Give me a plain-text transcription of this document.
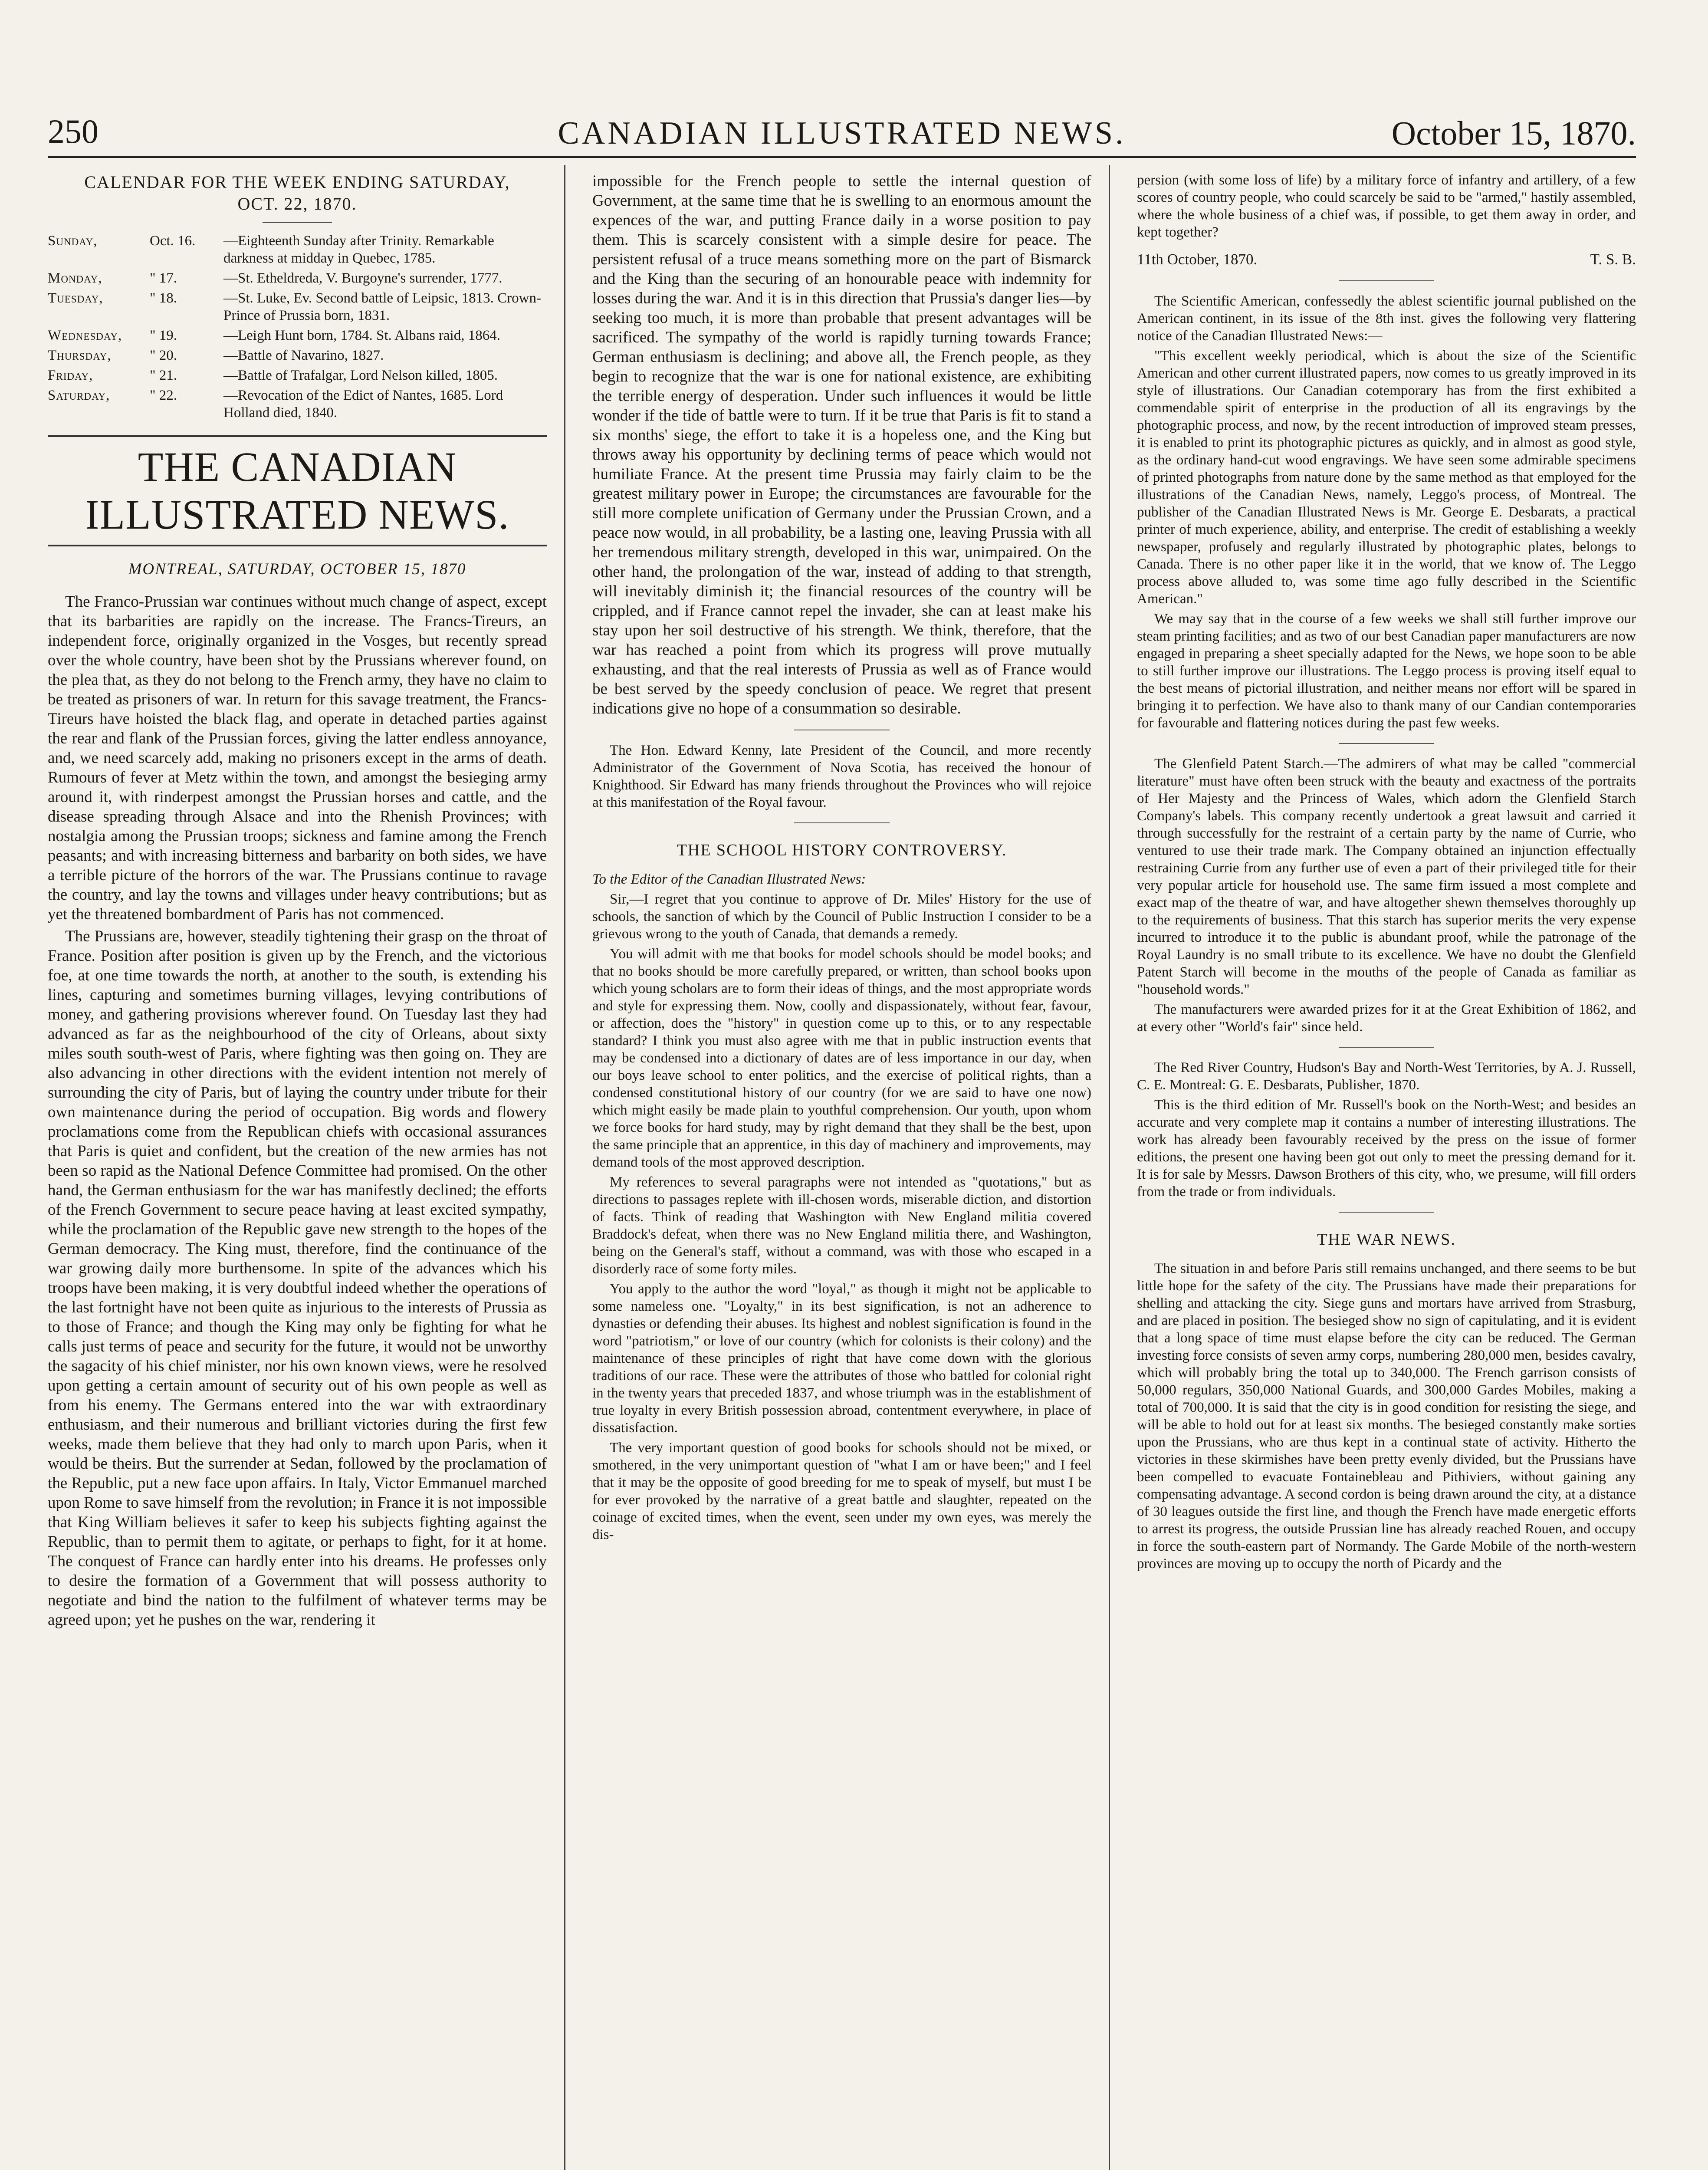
250	CANADIAN ILLUSTRATED NEWS.	October 15, 1870.
CALENDAR FOR THE WEEK ENDING SATURDAY,
OCT. 22, 1870.
Sunday,	Oct. 16.	—Eighteenth Sunday after Trinity. Remarkable darkness at midday in Quebec, 1785.
Monday,	" 17.	—St. Etheldreda, V. Burgoyne's surrender, 1777.
Tuesday,	" 18.	—St. Luke, Ev. Second battle of Leipsic, 1813. Crown-Prince of Prussia born, 1831.
Wednesday,	" 19.	—Leigh Hunt born, 1784. St. Albans raid, 1864.
Thursday,	" 20.	—Battle of Navarino, 1827.
Friday,	" 21.	—Battle of Trafalgar, Lord Nelson killed, 1805.
Saturday,	" 22.	—Revocation of the Edict of Nantes, 1685. Lord Holland died, 1840.
THE CANADIAN ILLUSTRATED NEWS.
MONTREAL, SATURDAY, OCTOBER 15, 1870

The Franco-Prussian war continues without much change of aspect, except that its barbarities are rapidly on the increase. The Francs-Tireurs, an independent force, originally organized in the Vosges, but recently spread over the whole country, have been shot by the Prussians wherever found, on the plea that, as they do not belong to the French army, they have no claim to be treated as prisoners of war. In return for this savage treatment, the Francs-Tireurs have hoisted the black flag, and operate in detached parties against the rear and flank of the Prussian forces, giving the latter endless annoyance, and, we need scarcely add, making no prisoners except in the arms of death. Rumours of fever at Metz within the town, and amongst the besieging army around it, with rinderpest amongst the Prussian horses and cattle, and the disease spreading through Alsace and into the Rhenish Provinces; with nostalgia among the Prussian troops; sickness and famine among the French peasants; and with increasing bitterness and barbarity on both sides, we have a terrible picture of the horrors of the war. The Prussians continue to ravage the country, and lay the towns and villages under heavy contributions; but as yet the threatened bombardment of Paris has not commenced.

The Prussians are, however, steadily tightening their grasp on the throat of France. Position after position is given up by the French, and the victorious foe, at one time towards the north, at another to the south, is extending his lines, capturing and sometimes burning villages, levying contributions of money, and gathering provisions wherever found. On Tuesday last they had advanced as far as the neighbourhood of the city of Orleans, about sixty miles south south-west of Paris, where fighting was then going on. They are also advancing in other directions with the evident intention not merely of surrounding the city of Paris, but of laying the country under tribute for their own maintenance during the period of occupation. Big words and flowery proclamations come from the Republican chiefs with occasional assurances that Paris is quiet and confident, but the creation of the new armies has not been so rapid as the National Defence Committee had promised. On the other hand, the German enthusiasm for the war has manifestly declined; the efforts of the French Government to secure peace having at least excited sympathy, while the proclamation of the Republic gave new strength to the hopes of the German democracy. The King must, therefore, find the continuance of the war growing daily more burthensome. In spite of the advances which his troops have been making, it is very doubtful indeed whether the operations of the last fortnight have not been quite as injurious to the interests of Prussia as to those of France; and though the King may only be fighting for what he calls just terms of peace and security for the future, it would not be unworthy the sagacity of his chief minister, nor his own known views, were he resolved upon getting a certain amount of security out of his own people as well as from his enemy. The Germans entered into the war with extraordinary enthusiasm, and their numerous and brilliant victories during the first few weeks, made them believe that they had only to march upon Paris, when it would be theirs. But the surrender at Sedan, followed by the proclamation of the Republic, put a new face upon affairs. In Italy, Victor Emmanuel marched upon Rome to save himself from the revolution; in France it is not impossible that King William believes it safer to keep his subjects fighting against the Republic, than to permit them to agitate, or perhaps to fight, for it at home. The conquest of France can hardly enter into his dreams. He professes only to desire the formation of a Government that will possess authority to negotiate and bind the nation to the fulfilment of whatever terms may be agreed upon; yet he pushes on the war, rendering it

impossible for the French people to settle the internal question of Government, at the same time that he is swelling to an enormous amount the expences of the war, and putting France daily in a worse position to pay them. This is scarcely consistent with a simple desire for peace. The persistent refusal of a truce means something more on the part of Bismarck and the King than the securing of an honourable peace with indemnity for losses during the war. And it is in this direction that Prussia's danger lies—by seeking too much, it is more than probable that present advantages will be sacrificed. The sympathy of the world is rapidly turning towards France; German enthusiasm is declining; and above all, the French people, as they begin to recognize that the war is one for national existence, are exhibiting the terrible energy of desperation. Under such influences it would be little wonder if the tide of battle were to turn. If it be true that Paris is fit to stand a six months' siege, the effort to take it is a hopeless one, and the King but throws away his opportunity by declining terms of peace which would not humiliate France. At the present time Prussia may fairly claim to be the greatest military power in Europe; the circumstances are favourable for the still more complete unification of Germany under the Prussian Crown, and a peace now would, in all probability, be a lasting one, leaving Prussia with all her tremendous military strength, developed in this war, unimpaired. On the other hand, the prolongation of the war, instead of adding to that strength, will inevitably diminish it; the financial resources of the country will be crippled, and if France cannot repel the invader, she can at least make his stay upon her soil destructive of his strength. We think, therefore, that the war has reached a point from which its progress will prove mutually exhausting, and that the real interests of Prussia as well as of France would be best served by the speedy conclusion of peace. We regret that present indications give no hope of a consummation so desirable.

The Hon. Edward Kenny, late President of the Council, and more recently Administrator of the Government of Nova Scotia, has received the honour of Knighthood. Sir Edward has many friends throughout the Provinces who will rejoice at this manifestation of the Royal favour.

THE SCHOOL HISTORY CONTROVERSY.

To the Editor of the Canadian Illustrated News:

Sir,—I regret that you continue to approve of Dr. Miles' History for the use of schools, the sanction of which by the Council of Public Instruction I consider to be a grievous wrong to the youth of Canada, that demands a remedy.

You will admit with me that books for model schools should be model books; and that no books should be more carefully prepared, or written, than school books upon which young scholars are to form their ideas of things, and the most appropriate words and style for expressing them. Now, coolly and dispassionately, without fear, favour, or affection, does the "history" in question come up to this, or to any respectable standard? I think you must also agree with me that in public instruction events that may be condensed into a dictionary of dates are of less importance in our day, when our boys leave school to enter politics, and the exercise of political rights, than a condensed constitutional history of our country (for we are said to have one now) which might easily be made plain to youthful comprehension. Our youth, upon whom we force books for hard study, may by right demand that they shall be the best, upon the same principle that an apprentice, in this day of machinery and improvements, may demand tools of the most approved description.

My references to several paragraphs were not intended as "quotations," but as directions to passages replete with ill-chosen words, miserable diction, and distortion of facts. Think of reading that Washington with New England militia covered Braddock's defeat, when there was no New England militia there, and Washington, being on the General's staff, without a command, was with those who escaped in a disorderly race of some forty miles.

You apply to the author the word "loyal," as though it might not be applicable to some nameless one. "Loyalty," in its best signification, is not an adherence to dynasties or defending their abuses. Its highest and noblest signification is found in the word "patriotism," or love of our country (which for colonists is their colony) and the maintenance of these principles of right that have come down with the glorious traditions of our race. These were the attributes of those who battled for colonial right in the twenty years that preceded 1837, and whose triumph was in the establishment of true loyalty in every British possession abroad, contentment everywhere, in place of dissatisfaction.

The very important question of good books for schools should not be mixed, or smothered, in the very unimportant question of "what I am or have been;" and I feel that it may be the opposite of good breeding for me to speak of myself, but must I be for ever provoked by the narrative of a great battle and slaughter, repeated on the coinage of excited times, when the event, seen under my own eyes, was merely the dis-

persion (with some loss of life) by a military force of infantry and artillery, of a few scores of country people, who could scarcely be said to be "armed," hastily assembled, where the whole business of a chief was, if possible, to get them away in order, and kept together?

11th October, 1870.	T. S. B.

The Scientific American, confessedly the ablest scientific journal published on the American continent, in its issue of the 8th inst. gives the following very flattering notice of the Canadian Illustrated News:—

"This excellent weekly periodical, which is about the size of the Scientific American and other current illustrated papers, now comes to us greatly improved in its style of illustrations. Our Canadian cotemporary has from the first exhibited a commendable spirit of enterprise in the production of all its engravings by the photographic process, and now, by the recent introduction of improved steam presses, it is enabled to print its photographic pictures as quickly, and in almost as good style, as the ordinary hand-cut wood engravings. We have seen some admirable specimens of printed photographs from nature done by the same method as that employed for the illustrations of the Canadian News, namely, Leggo's process, of Montreal. The publisher of the Canadian Illustrated News is Mr. George E. Desbarats, a practical printer of much experience, ability, and enterprise. The credit of establishing a weekly newspaper, profusely and regularly illustrated by photographic plates, belongs to Canada. There is no other paper like it in the world, that we know of. The Leggo process above alluded to, was some time ago fully described in the Scientific American."

We may say that in the course of a few weeks we shall still further improve our steam printing facilities; and as two of our best Canadian paper manufacturers are now engaged in preparing a sheet specially adapted for the News, we hope soon to be able to still further improve our illustrations. The Leggo process is proving itself equal to the best means of pictorial illustration, and neither means nor effort will be spared in bringing it to perfection. We have also to thank many of our Candian contemporaries for favourable and flattering notices during the past few weeks.

The Glenfield Patent Starch.—The admirers of what may be called "commercial literature" must have often been struck with the beauty and exactness of the portraits of Her Majesty and the Princess of Wales, which adorn the Glenfield Starch Company's labels. This company recently undertook a great lawsuit and carried it through successfully for the restraint of a certain party by the name of Currie, who ventured to use their trade mark. The Company obtained an injunction effectually restraining Currie from any further use of even a part of their privileged title for their very popular article for household use. The same firm issued a most complete and exact map of the theatre of war, and have altogether shewn themselves thoroughly up to the requirements of business. That this starch has superior merits the very expense incurred to introduce it to the public is abundant proof, while the patronage of the Royal Laundry is no small tribute to its excellence. We have no doubt the Glenfield Patent Starch will become in the mouths of the people of Canada as familiar as "household words."

The manufacturers were awarded prizes for it at the Great Exhibition of 1862, and at every other "World's fair" since held.

The Red River Country, Hudson's Bay and North-West Territories, by A. J. Russell, C. E. Montreal: G. E. Desbarats, Publisher, 1870.

This is the third edition of Mr. Russell's book on the North-West; and besides an accurate and very complete map it contains a number of interesting illustrations. The work has already been favourably received by the press on the issue of former editions, the present one having been got out only to meet the pressing demand for it. It is for sale by Messrs. Dawson Brothers of this city, who, we presume, will fill orders from the trade or from individuals.

THE WAR NEWS.

The situation in and before Paris still remains unchanged, and there seems to be but little hope for the safety of the city. The Prussians have made their preparations for shelling and attacking the city. Siege guns and mortars have arrived from Strasburg, and are placed in position. The besieged show no sign of capitulating, and it is evident that a long space of time must elapse before the city can be reduced. The German investing force consists of seven army corps, numbering 280,000 men, besides cavalry, which will probably bring the total up to 340,000. The French garrison consists of 50,000 regulars, 350,000 National Guards, and 300,000 Gardes Mobiles, making a total of 700,000. It is said that the city is in good condition for resisting the siege, and will be able to hold out for at least six months. The besieged constantly make sorties upon the Prussians, who are thus kept in a continual state of activity. Hitherto the victories in these skirmishes have been pretty evenly divided, but the Prussians have been compelled to evacuate Fontainebleau and Pithiviers, without gaining any compensating advantage. A second cordon is being drawn around the city, at a distance of 30 leagues outside the first line, and though the French have made energetic efforts to arrest its progress, the outside Prussian line has already reached Rouen, and occupy in force the south-eastern part of Normandy. The Garde Mobile of the north-western provinces are moving up to occupy the north of Picardy and the
